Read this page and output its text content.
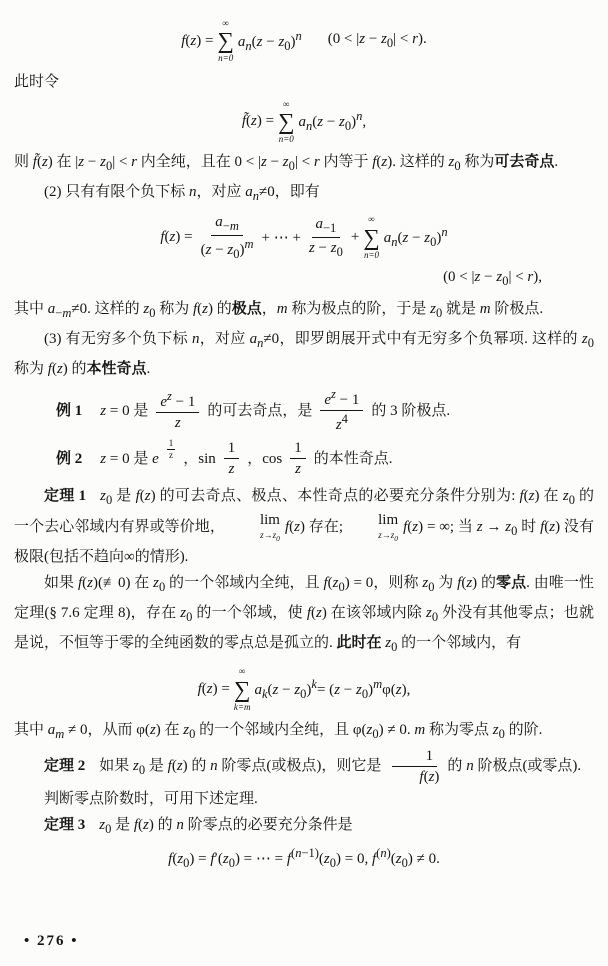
f(z) =
∞
∑
n=0
$a_n(z - z_0)^n$ $(0 < |z - z_0| < r)$.

此时令

f̃(z) =
∞
∑
n=0
$a_n(z - z_0)^n$,

则 f̃(z) 在 $|z - z_0| < r$ 内全纯，且在 $0 < |z - z_0| < r$ 内等于 f(z). 这样的 $z_0$ 称为可去奇点.

(2) 只有有限个负下标 n，对应 $a_n\ne 0$，即有

$f(z) = \frac{a_{-m}}{(z - z_0)^m}$ + ⋯ + $\frac{a_{-1}}{z - z_0}$ +
∞
∑
n=0
$a_n(z - z_0)^n$
$(0 < |z - z_0| < r)$,

其中 $a_{-m}\ne 0$. 这样的 $z_0$ 称为 f(z) 的极点，m 称为极点的阶，于是 $z_0$ 就是 m 阶极点.

(3) 有无穷多个负下标 n，对应 $a_n\ne 0$，即罗朗展开式中有无穷多个负幂项. 这样的 $z_0$ 称为 f(z) 的本性奇点.

例 1 z = 0 是 $\frac{e^z - 1}{z}$ 的可去奇点，是 $\frac{e^z - 1}{z^4}$ 的 3 阶极点.
例 2 z = 0 是 e $\frac{1}{z}$ ，$\sin \frac{1}{z}$ ，$\cos \frac{1}{z}$ 的本性奇点.

定理 1 $z_0$ 是 f(z) 的可去奇点、极点、本性奇点的必要充分条件分别为: f(z) 在 $z_0$ 的一个去心邻域内有界或等价地，	lim
$z\to z_0$
f(z) 存在;	lim
$z\to z_0$
f(z) = ∞; 当 $z \to z_0$ 时 f(z) 没有极限(包括不趋向∞的情形).

如果 f(z)(≢0) 在 $z_0$ 的一个邻域内全纯，且 $f(z_0) = 0$，则称 $z_0$ 为 f(z) 的零点. 由唯一性定理(§ 7.6 定理 8)，存在 $z_0$ 的一个邻域，使 f(z) 在该邻域内除 $z_0$ 外没有其他零点；也就是说，不恒等于零的全纯函数的零点总是孤立的. 此时在 $z_0$ 的一个邻域内，有

f(z) =
∞
∑
k=m
$a_k(z - z_0)^k = (z - z_0)^m\varphi(z)$,

其中 $a_m \ne 0$，从而 φ(z) 在 $z_0$ 的一个邻域内全纯，且 $\varphi(z_0) \ne 0$. m 称为零点 $z_0$ 的阶.

定理 2 如果 $z_0$ 是 f(z) 的 n 阶零点(或极点)，则它是 $\frac{1}{f(z)}$ 的 n 阶极点(或零点).

判断零点阶数时，可用下述定理.

定理 3 $z_0$ 是 f(z) 的 n 阶零点的必要充分条件是

$f(z_0) = f'(z_0)$ = ⋯ = $f^{(n-1)}(z_0) = 0$, $f^{(n)}(z_0) \ne 0$.
• 276 •
